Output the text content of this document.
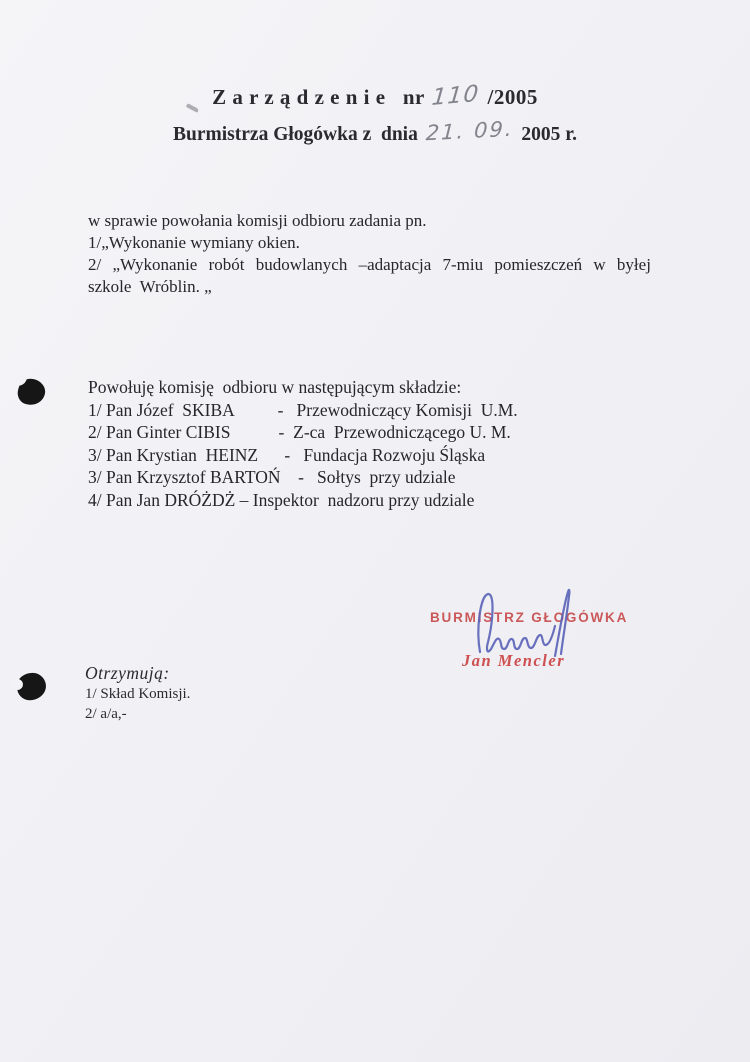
Z a r z ą d z e n i e   nr 110 /2005
Burmistrza Głogówka z  dnia 21. 09. 2005 r.
w sprawie powołania komisji odbioru zadania pn.
1/„Wykonanie wymiany okien.
2/ „Wykonanie robót budowlanych –adaptacja 7-miu pomieszczeń w byłej
szkole  Wróblin. „
Powołuję komisję  odbioru w następującym składzie:
1/ Pan Józef  SKIBA          -   Przewodniczący Komisji  U.M.
2/ Pan Ginter CIBIS           -  Z-ca  Przewodniczącego U. M.
3/ Pan Krystian  HEINZ      -   Fundacja Rozwoju Śląska
3/ Pan Krzysztof BARTOŃ    -   Sołtys  przy udziale
4/ Pan Jan DRÓŻDŻ – Inspektor  nadzoru przy udziale
BURMISTRZ GŁOGÓWKA
Jan Mencler
Otrzymują:
1/ Skład Komisji.
2/ a/a,-
